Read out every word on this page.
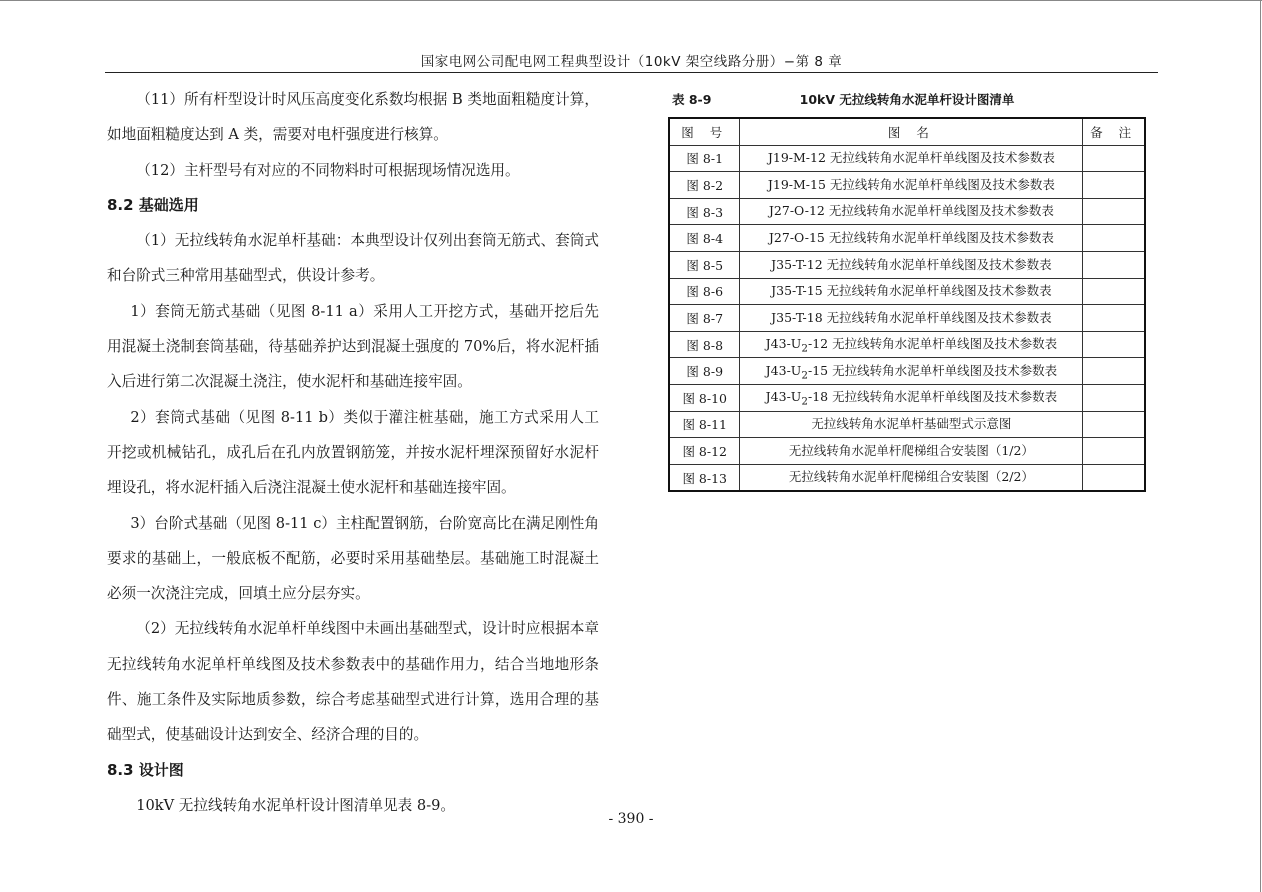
国家电网公司配电网工程典型设计（10kV 架空线路分册）−第 8 章

（11）所有杆型设计时风压高度变化系数均根据 B 类地面粗糙度计算，如地面粗糙度达到 A 类，需要对电杆强度进行核算。

（12）主杆型号有对应的不同物料时可根据现场情况选用。

8.2 基础选用

（1）无拉线转角水泥单杆基础：本典型设计仅列出套筒无筋式、套筒式和台阶式三种常用基础型式，供设计参考。

1）套筒无筋式基础（见图 8-11 a）采用人工开挖方式，基础开挖后先用混凝土浇制套筒基础，待基础养护达到混凝土强度的 70%后，将水泥杆插入后进行第二次混凝土浇注，使水泥杆和基础连接牢固。

2）套筒式基础（见图 8-11 b）类似于灌注桩基础，施工方式采用人工开挖或机械钻孔，成孔后在孔内放置钢筋笼，并按水泥杆埋深预留好水泥杆埋设孔，将水泥杆插入后浇注混凝土使水泥杆和基础连接牢固。

3）台阶式基础（见图 8-11 c）主柱配置钢筋，台阶宽高比在满足刚性角要求的基础上，一般底板不配筋，必要时采用基础垫层。基础施工时混凝土必须一次浇注完成，回填土应分层夯实。

（2）无拉线转角水泥单杆单线图中未画出基础型式，设计时应根据本章无拉线转角水泥单杆单线图及技术参数表中的基础作用力，结合当地地形条件、施工条件及实际地质参数，综合考虑基础型式进行计算，选用合理的基础型式，使基础设计达到安全、经济合理的目的。

8.3 设计图

10kV 无拉线转角水泥单杆设计图清单见表 8-9。

表 8-9	10kV 无拉线转角水泥单杆设计图清单
图 号	图 名	备 注
图 8-1	J19-M-12 无拉线转角水泥单杆单线图及技术参数表	
图 8-2	J19-M-15 无拉线转角水泥单杆单线图及技术参数表	
图 8-3	J27-O-12 无拉线转角水泥单杆单线图及技术参数表	
图 8-4	J27-O-15 无拉线转角水泥单杆单线图及技术参数表	
图 8-5	J35-T-12 无拉线转角水泥单杆单线图及技术参数表	
图 8-6	J35-T-15 无拉线转角水泥单杆单线图及技术参数表	
图 8-7	J35-T-18 无拉线转角水泥单杆单线图及技术参数表	
图 8-8	$J43-U_2-12$ 无拉线转角水泥单杆单线图及技术参数表	
图 8-9	$J43-U_2-15$ 无拉线转角水泥单杆单线图及技术参数表	
图 8-10	$J43-U_2-18$ 无拉线转角水泥单杆单线图及技术参数表	
图 8-11	无拉线转角水泥单杆基础型式示意图	
图 8-12	无拉线转角水泥单杆爬梯组合安装图（1/2）	
图 8-13	无拉线转角水泥单杆爬梯组合安装图（2/2）	
- 390 -
